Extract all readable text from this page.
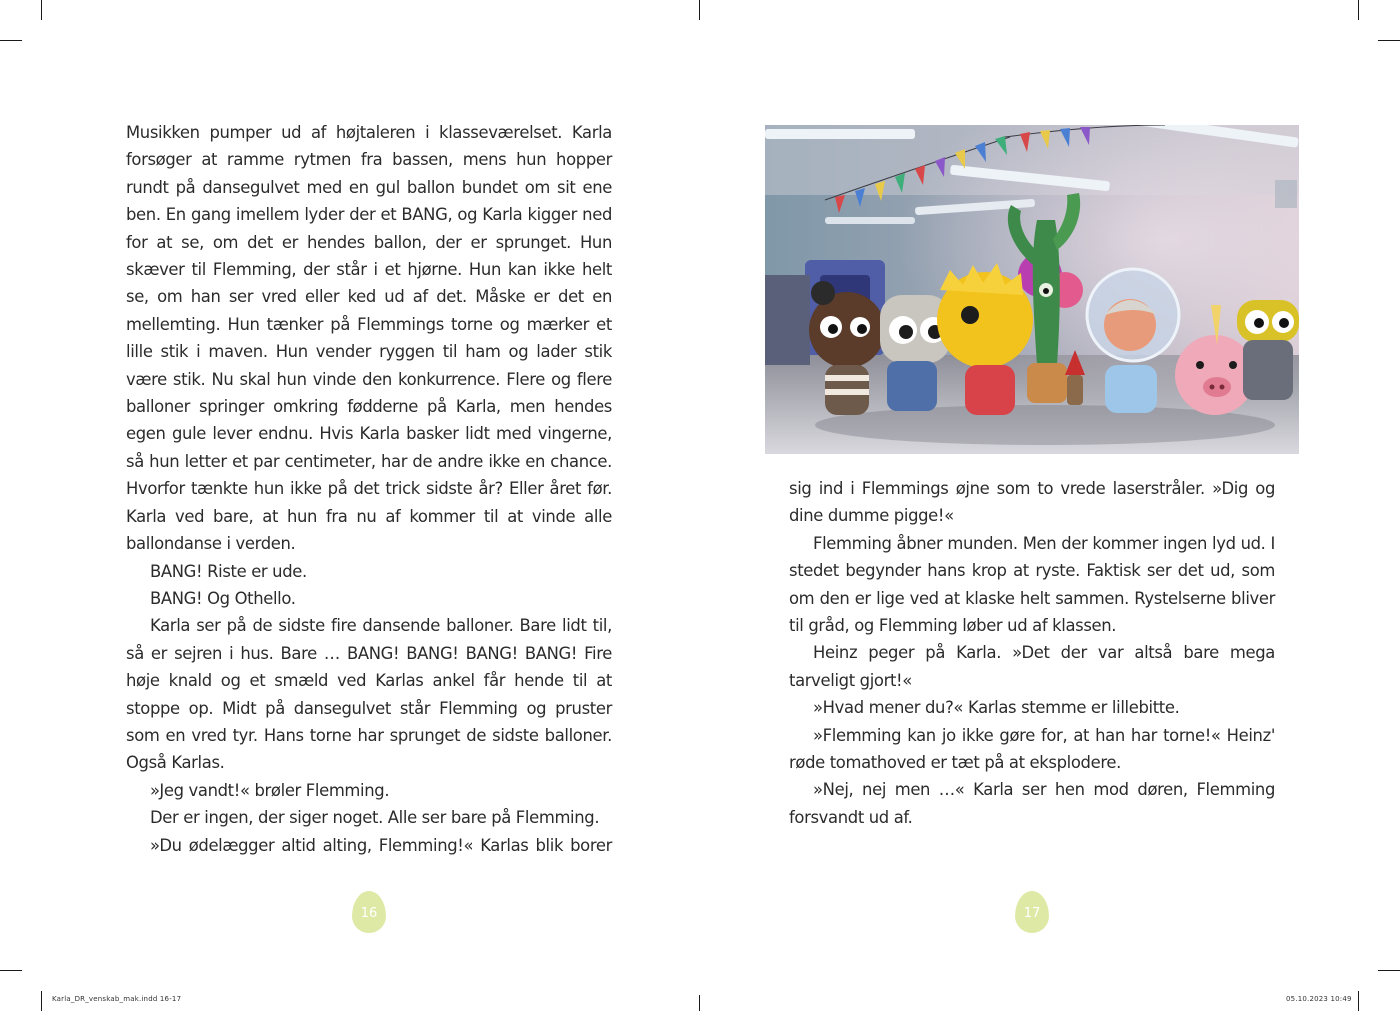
Musikken pumper ud af højtaleren i klasseværelset. Karla forsøger at ramme rytmen fra bassen, mens hun hopper rundt på dansegulvet med en gul ballon bundet om sit ene ben. En gang imellem lyder der et BANG, og Karla kigger ned for at se, om det er hendes ballon, der er sprunget. Hun skæver til Flemming, der står i et hjørne. Hun kan ikke helt se, om han ser vred eller ked ud af det. Måske er det en mellemting. Hun tænker på Flemmings torne og mærker et lille stik i maven. Hun vender ryggen til ham og lader stik være stik. Nu skal hun vinde den konkurrence. Flere og flere balloner springer omkring fødderne på Karla, men hendes egen gule lever endnu. Hvis Karla basker lidt med vingerne, så hun letter et par centimeter, har de andre ikke en chance. Hvorfor tænkte hun ikke på det trick sidste år? Eller året før. Karla ved bare, at hun fra nu af kommer til at vinde alle ballondanse i verden.

BANG! Riste er ude.

BANG! Og Othello.

Karla ser på de sidste fire dansende balloner. Bare lidt til, så er sejren i hus. Bare … BANG! BANG! BANG! BANG! Fire høje knald og et smæld ved Karlas ankel får hende til at stoppe op. Midt på dansegulvet står Flemming og pruster som en vred tyr. Hans torne har sprunget de sidste balloner. Også Karlas.

»Jeg vandt!« brøler Flemming.

Der er ingen, der siger noget. Alle ser bare på Flemming.

»Du ødelægger altid alting, Flemming!« Karlas blik borer

sig ind i Flemmings øjne som to vrede laserstråler. »Dig og dine dumme pigge!«

Flemming åbner munden. Men der kommer ingen lyd ud. I stedet begynder hans krop at ryste. Faktisk ser det ud, som om den er lige ved at klaske helt sammen. Rystelserne bliver til gråd, og Flemming løber ud af klassen.

Heinz peger på Karla. »Det der var altså bare mega tarveligt gjort!«

»Hvad mener du?« Karlas stemme er lillebitte.

»Flemming kan jo ikke gøre for, at han har torne!« Heinz' røde tomathoved er tæt på at eksplodere.

»Nej, nej men …« Karla ser hen mod døren, Flemming forsvandt ud af.

16	17
Karla_DR_venskab_mak.indd 16-17	05.10.2023 10:49
